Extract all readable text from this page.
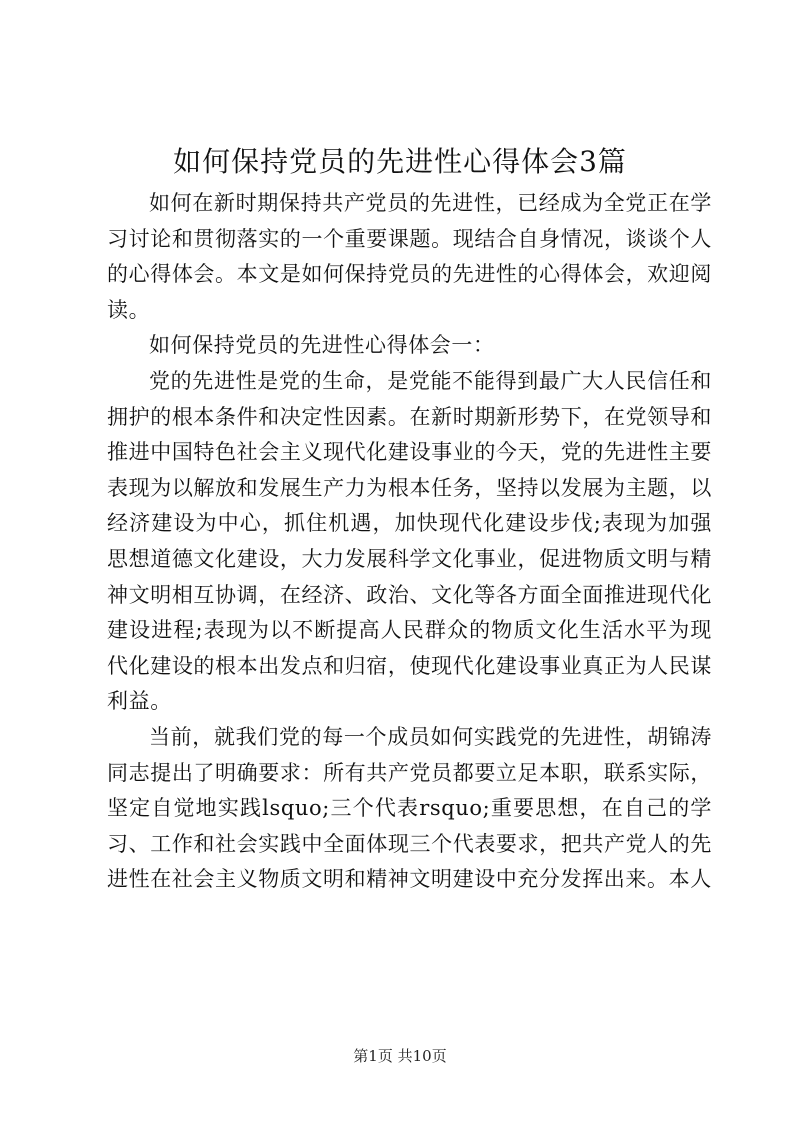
如何保持党员的先进性心得体会3篇

如何在新时期保持共产党员的先进性，已经成为全党正在学习讨论和贯彻落实的一个重要课题。现结合自身情况，谈谈个人的心得体会。本文是如何保持党员的先进性的心得体会，欢迎阅读。

如何保持党员的先进性心得体会一：

党的先进性是党的生命，是党能不能得到最广大人民信任和拥护的根本条件和决定性因素。在新时期新形势下，在党领导和推进中国特色社会主义现代化建设事业的今天，党的先进性主要表现为以解放和发展生产力为根本任务，坚持以发展为主题，以经济建设为中心，抓住机遇，加快现代化建设步伐;表现为加强思想道德文化建设，大力发展科学文化事业，促进物质文明与精神文明相互协调，在经济、政治、文化等各方面全面推进现代化建设进程;表现为以不断提高人民群众的物质文化生活水平为现代化建设的根本出发点和归宿，使现代化建设事业真正为人民谋利益。

当前，就我们党的每一个成员如何实践党的先进性，胡锦涛同志提出了明确要求：所有共产党员都要立足本职，联系实际，坚定自觉地实践lsquo;三个代表rsquo;重要思想，在自己的学习、工作和社会实践中全面体现三个代表要求，把共产党人的先进性在社会主义物质文明和精神文明建设中充分发挥出来。本人

第1页 共10页
